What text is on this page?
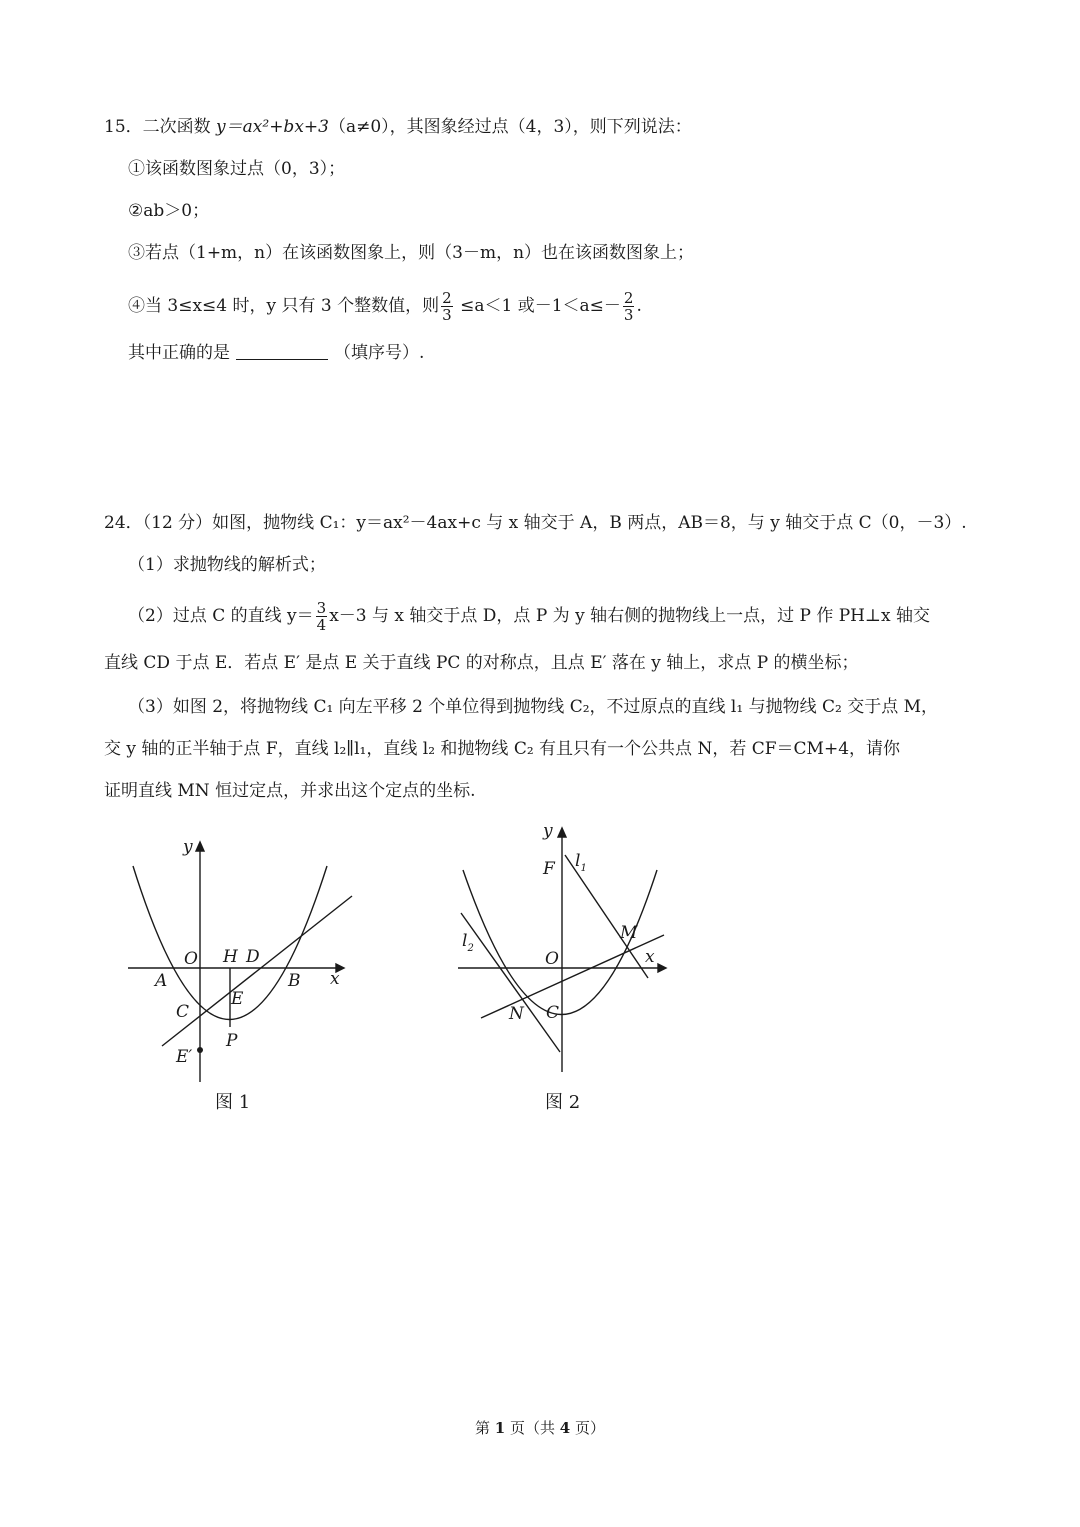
15．二次函数 y＝ax²+bx+3（a≠0），其图象经过点（4，3），则下列说法：
①该函数图象过点（0，3）；
②ab＞0；
③若点（1+m，n）在该函数图象上，则（3－m，n）也在该函数图象上；
④当 3≤x≤4 时，y 只有 3 个整数值，则 $\frac{2}{3} \le a<1$ 或$-1<a\le- \frac{2}{3}$ .
其中正确的是	（填序号）.
24．（12 分）如图，抛物线 C₁：y＝ax²－4ax+c 与 x 轴交于 A，B 两点，AB＝8，与 y 轴交于点 C（0，－3）.
（1）求抛物线的解析式；
（2）过点 C 的直线 $y= \frac{3}{4} x-3$ 与 x 轴交于点 D，点 P 为 y 轴右侧的抛物线上一点，过 P 作 PH⊥x 轴交
直线 CD 于点 E．若点 E′ 是点 E 关于直线 PC 的对称点，且点 E′ 落在 y 轴上，求点 P 的横坐标；
（3）如图 2，将抛物线 C₁ 向左平移 2 个单位得到抛物线 C₂，不过原点的直线 l₁ 与抛物线 C₂ 交于点 M，
交 y 轴的正半轴于点 F，直线 l₂∥l₁，直线 l₂ 和抛物线 C₂ 有且只有一个公共点 N，若 CF＝CM+4，请你
证明直线 MN 恒过定点，并求出这个定点的坐标.
y
x
O H D
A	B
C
E
P
E′
y
x
O
F $l_1$
$l_2$
M
N C
图 1	图 2
第 1 页（共 4 页）
